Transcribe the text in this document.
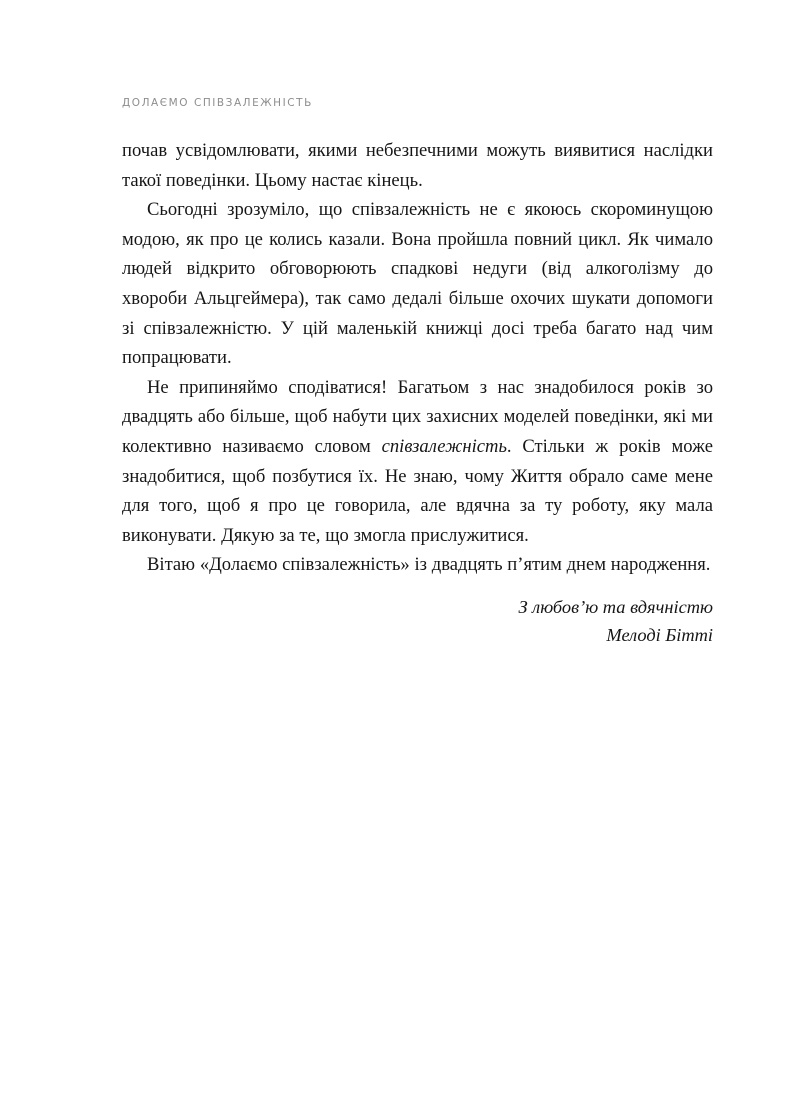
ДОЛАЄМО СПІВЗАЛЕЖНІСТЬ

почав усвідомлювати, якими небезпечними можуть виявитися наслідки такої поведінки. Цьому настає кінець.

Сьогодні зрозуміло, що співзалежність не є якоюсь скороминущою модою, як про це колись казали. Вона пройшла повний цикл. Як чимало людей відкрито обговорюють спадкові недуги (від алкоголізму до хвороби Альцгеймера), так само дедалі більше охочих шукати допомоги зі співзалежністю. У цій маленькій книжці досі треба багато над чим попрацювати.

Не припиняймо сподіватися! Багатьом з нас знадобилося років зо двадцять або більше, щоб набути цих захисних моделей поведінки, які ми колективно називаємо словом співзалежність. Стільки ж років може знадобитися, щоб позбутися їх. Не знаю, чому Життя обрало саме мене для того, щоб я про це говорила, але вдячна за ту роботу, яку мала виконувати. Дякую за те, що змогла прислужитися.

Вітаю «Долаємо співзалежність» із двадцять п’ятим днем народження.

З любов’ю та вдячністю
Мелоді Бітті
